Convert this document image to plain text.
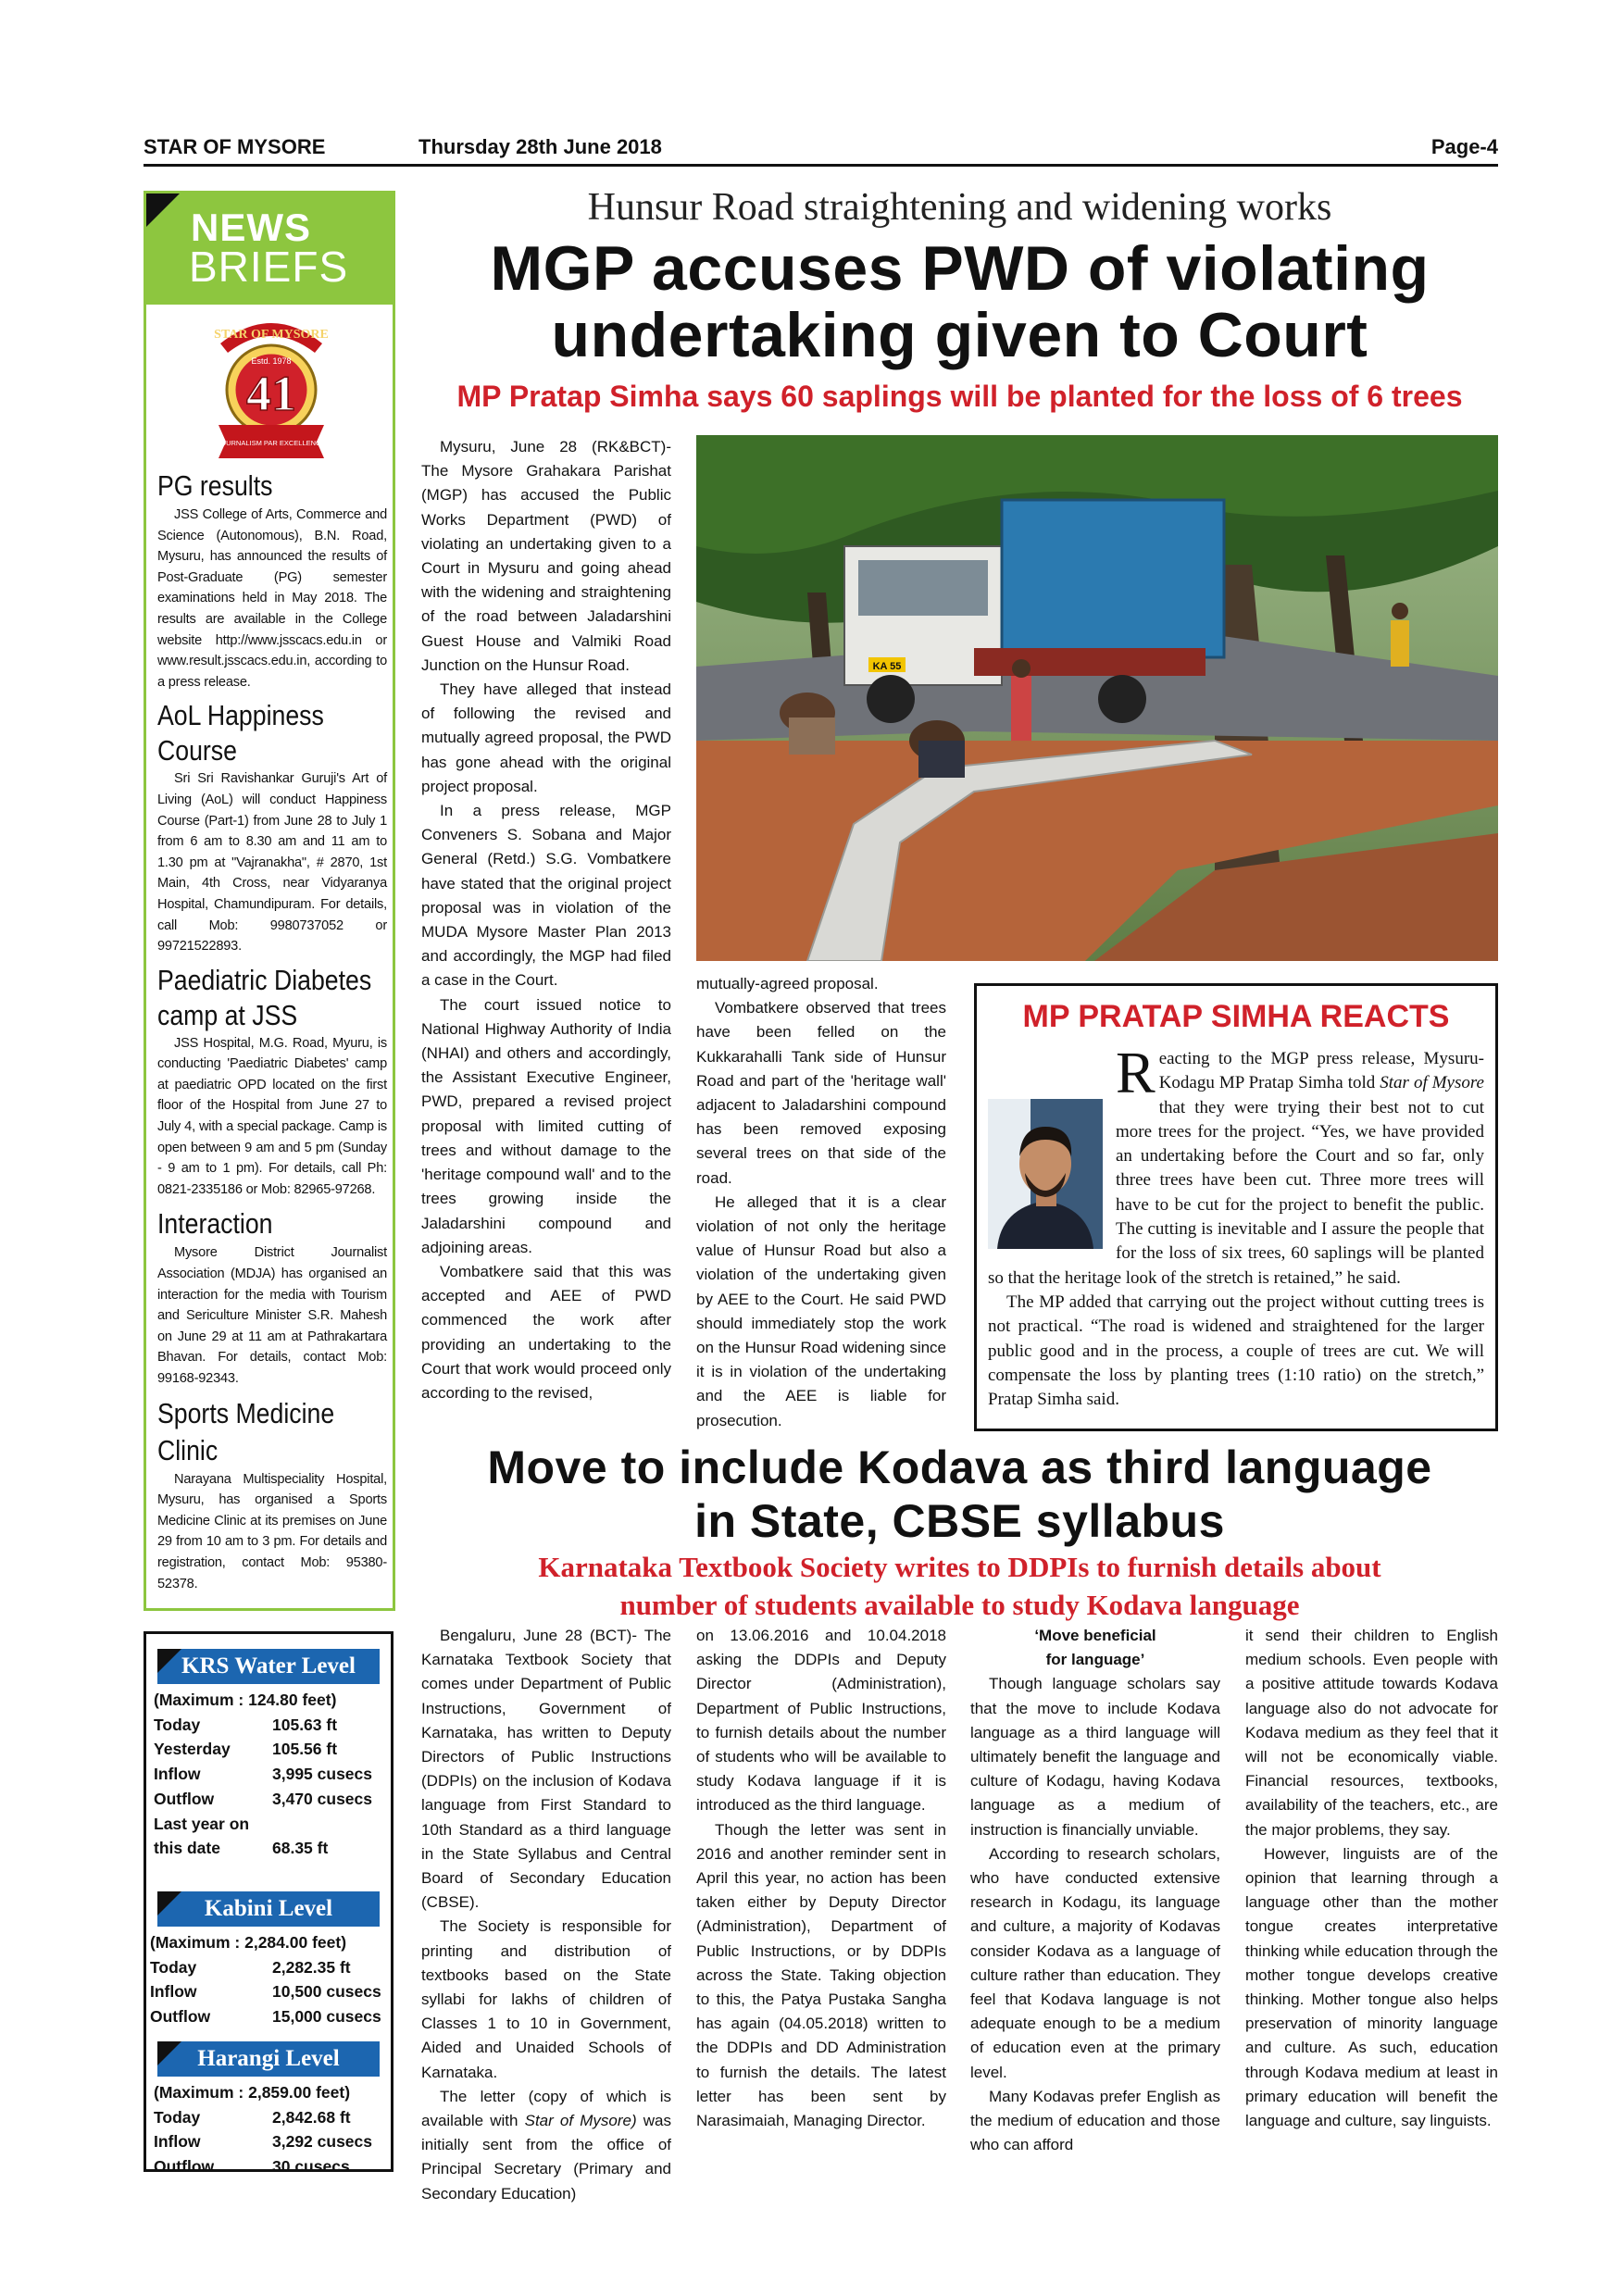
STAR OF MYSORE	Thursday 28th June 2018	Page-4
NEWS
BRIEFS
STAR OF MYSORE
Estd. 1978
41
JOURNALISM PAR EXCELLENCE
PG results

JSS College of Arts, Commerce and Science (Autonomous), B.N. Road, Mysuru, has announced the results of Post-Graduate (PG) semester examinations held in May 2018. The results are available in the College website http://www.jsscacs.edu.in or www.result.jsscacs.edu.in, according to a press release.

AoL Happiness Course

Sri Sri Ravishankar Guruji's Art of Living (AoL) will conduct Happiness Course (Part-1) from June 28 to July 1 from 6 am to 8.30 am and 11 am to 1.30 pm at "Vajranakha", # 2870, 1st Main, 4th Cross, near Vidyaranya Hospital, Chamundipuram. For details, call Mob: 9980737052 or 99721522893.

Paediatric Diabetes camp at JSS

JSS Hospital, M.G. Road, Myuru, is conducting 'Paediatric Diabetes' camp at paediatric OPD located on the first floor of the Hospital from June 27 to July 4, with a special package. Camp is open between 9 am and 5 pm (Sunday - 9 am to 1 pm). For details, call Ph: 0821-2335186 or Mob: 82965-97268.

Interaction

Mysore District Journalist Association (MDJA) has organised an interaction for the media with Tourism and Sericulture Minister S.R. Mahesh on June 29 at 11 am at Pathrakartara Bhavan. For details, contact Mob: 99168-92343.

Sports Medicine Clinic

Narayana Multispeciality Hospital, Mysuru, has organised a Sports Medicine Clinic at its premises on June 29 from 10 am to 3 pm. For details and registration, contact Mob: 95380-52378.

KRS Water Level
(Maximum : 124.80 feet)
Today	105.63 ft
Yesterday	105.56 ft
Inflow	3,995 cusecs
Outflow	3,470 cusecs
Last year on
this date	68.35 ft
Kabini Level
(Maximum : 2,284.00 feet)
Today	2,282.35 ft
Inflow	10,500 cusecs
Outflow	15,000 cusecs
Harangi Level
(Maximum : 2,859.00 feet)
Today	2,842.68 ft
Inflow	3,292 cusecs
Outflow	30 cusecs
Hunsur Road straightening and widening works
MGP accuses PWD of violating
undertaking given to Court
MP Pratap Simha says 60 saplings will be planted for the loss of 6 trees

Mysuru, June 28 (RK&BCT)- The Mysore Grahakara Parishat (MGP) has accused the Public Works Department (PWD) of violating an undertaking given to a Court in Mysuru and going ahead with the widening and straightening of the road between Jaladarshini Guest House and Valmiki Road Junction on the Hunsur Road.

They have alleged that instead of following the revised and mutually agreed proposal, the PWD has gone ahead with the original project proposal.

In a press release, MGP Conveners S. Sobana and Major General (Retd.) S.G. Vombatkere have stated that the original project proposal was in violation of the MUDA Mysore Master Plan 2013 and accordingly, the MGP had filed a case in the Court.

The court issued notice to National Highway Authority of India (NHAI) and others and accordingly, the Assistant Executive Engineer, PWD, prepared a revised project proposal with limited cutting of trees and without damage to the 'heritage compound wall' and to the trees growing inside the Jaladarshini compound and adjoining areas.

Vombatkere said that this was accepted and AEE of PWD commenced the work after providing an undertaking to the Court that work would proceed only according to the revised,

KA 55

mutually-agreed proposal.

Vombatkere observed that trees have been felled on the Kukkarahalli Tank side of Hunsur Road and part of the 'heritage wall' adjacent to Jaladarshini compound has been removed exposing several trees on that side of the road.

He alleged that it is a clear violation of not only the heritage value of Hunsur Road but also a violation of the undertaking given by AEE to the Court. He said PWD should immediately stop the work on the Hunsur Road widening since it is in violation of the undertaking and the AEE is liable for prosecution.

MP PRATAP SIMHA REACTS

Reacting to the MGP press release, Mysuru-Kodagu MP Pratap Simha told Star of Mysore that they were trying their best not to cut more trees for the project. “Yes, we have provided an undertaking before the Court and so far, only three trees have been cut. Three more trees will have to be cut for the project to benefit the public. The cutting is inevitable and I assure the people that for the loss of six trees, 60 saplings will be planted so that the heritage look of the stretch is retained,” he said.

The MP added that carrying out the project without cutting trees is not practical. “The road is widened and straightened for the larger public good and in the process, a couple of trees are cut. We will compensate the loss by planting trees (1:10 ratio) on the stretch,” Pratap Simha said.

Move to include Kodava as third language
in State, CBSE syllabus
Karnataka Textbook Society writes to DDPIs to furnish details about
number of students available to study Kodava language

Bengaluru, June 28 (BCT)- The Karnataka Textbook Society that comes under Department of Public Instructions, Government of Karnataka, has written to Deputy Directors of Public Instructions (DDPIs) on the inclusion of Kodava language from First Standard to 10th Standard as a third language in the State Syllabus and Central Board of Secondary Education (CBSE).

The Society is responsible for printing and distribution of textbooks based on the State syllabi for lakhs of children of Classes 1 to 10 in Government, Aided and Unaided Schools of Karnataka.

The letter (copy of which is available with Star of Mysore) was initially sent from the office of Principal Secretary (Primary and Secondary Education)

on 13.06.2016 and 10.04.2018 asking the DDPIs and Deputy Director (Administration), Department of Public Instructions, to furnish details about the number of students who will be available to study Kodava language if it is introduced as the third language.

Though the letter was sent in 2016 and another reminder sent in April this year, no action has been taken either by Deputy Director (Administration), Department of Public Instructions, or by DDPIs across the State. Taking objection to this, the Patya Pustaka Sangha has again (04.05.2018) written to the DDPIs and DD Administration to furnish the details. The latest letter has been sent by Narasimaiah, Managing Director.

‘Move beneficial
for language’

Though language scholars say that the move to include Kodava language as a third language will ultimately benefit the language and culture of Kodagu, having Kodava language as a medium of instruction is financially unviable.

According to research scholars, who have conducted extensive research in Kodagu, its language and culture, a majority of Kodavas consider Kodava as a language of culture rather than education. They feel that Kodava language is not adequate enough to be a medium of education even at the primary level.

Many Kodavas prefer English as the medium of education and those who can afford

it send their children to English medium schools. Even people with a positive attitude towards Kodava language also do not advocate for Kodava medium as they feel that it will not be economically viable. Financial resources, textbooks, availability of the teachers, etc., are the major problems, they say.

However, linguists are of the opinion that learning through a language other than the mother tongue creates interpretative thinking while education through the mother tongue develops creative thinking. Mother tongue also helps preservation of minority language and culture. As such, education through Kodava medium at least in primary education will benefit the language and culture, say linguists.
